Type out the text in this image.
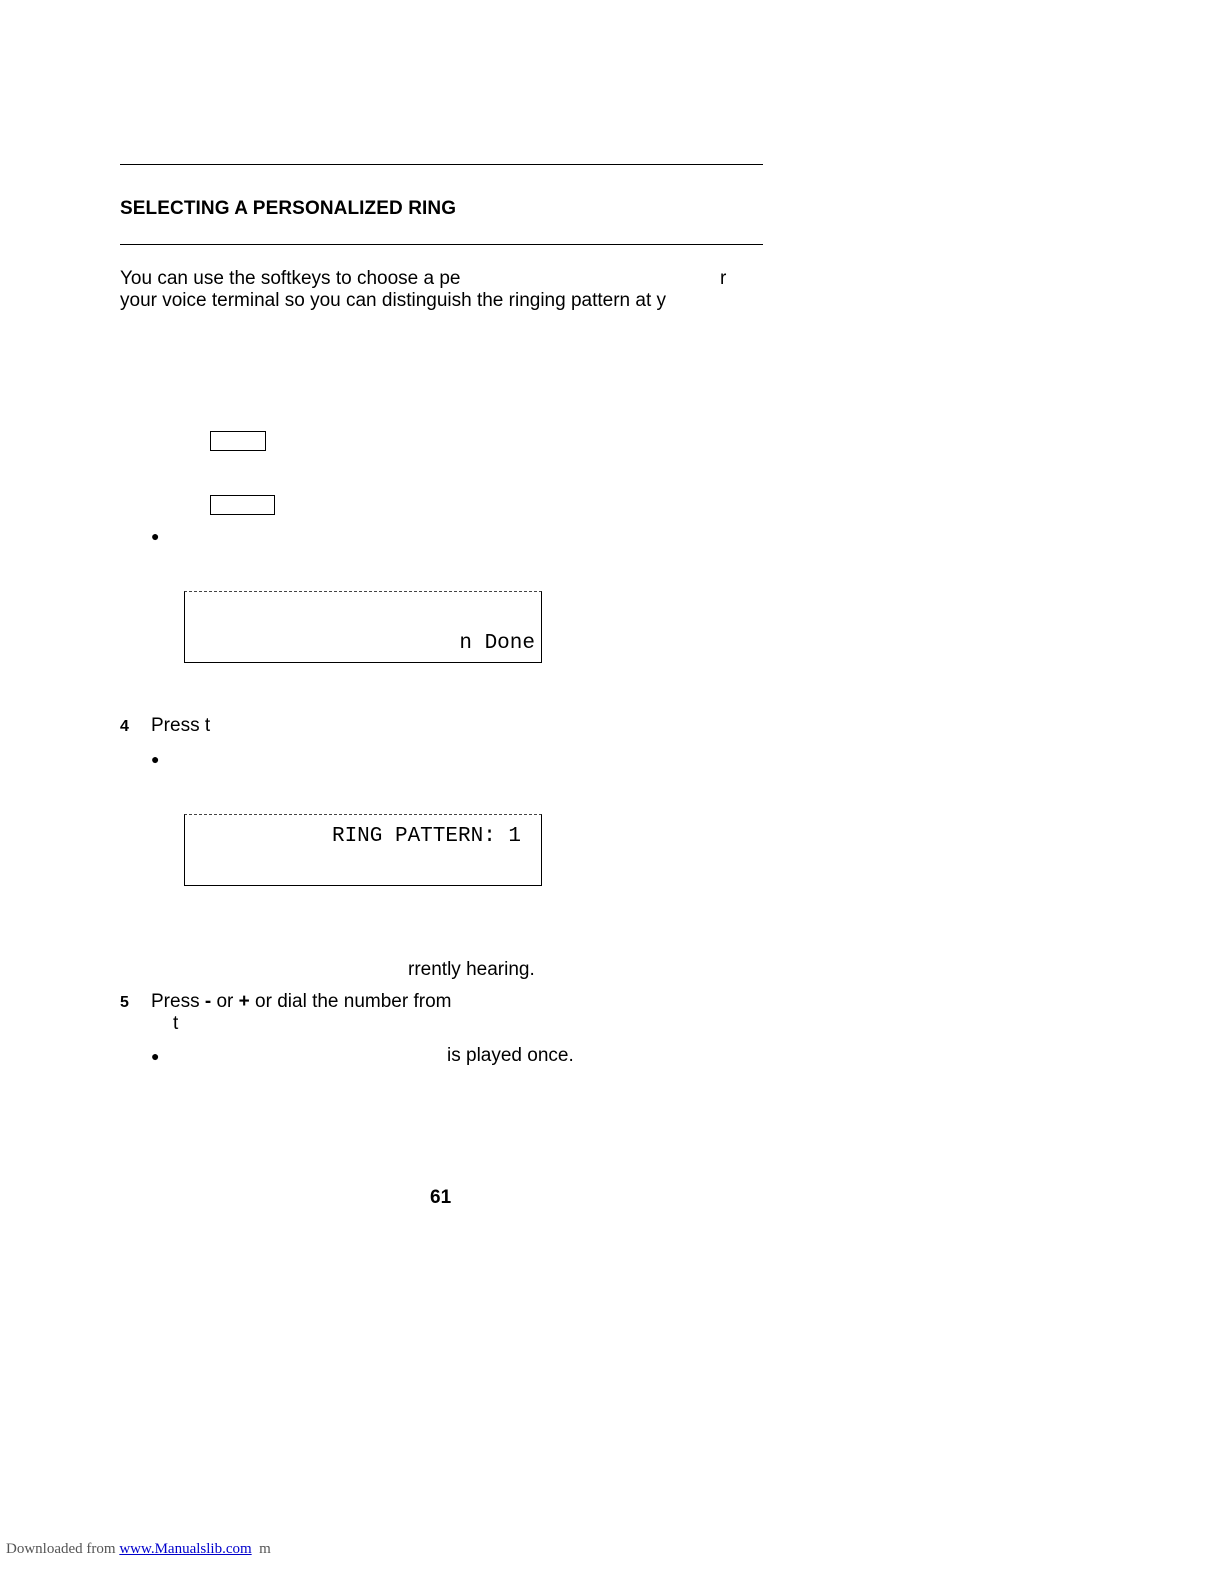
SELECTING A PERSONALIZED RING
You can use the softkeys to choose a pe	r
your voice terminal so you can distinguish the ringing pattern at y
●
n Done
4 Press t
●
RING PATTERN: 1
rrently hearing.
5 Press - or + or dial the number from
t
●	is played once.
61
Downloaded from www.Manualslib.com m
